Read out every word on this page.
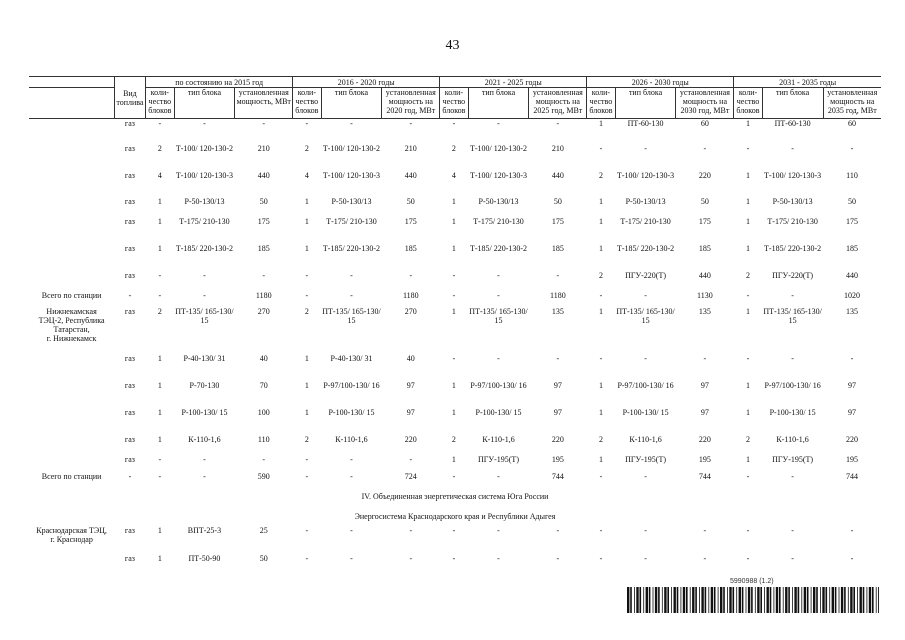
43
	Вид топлива	по состоянию на 2015 год			2016 - 2020 годы			2021 - 2025 годы			2026 - 2030 годы			2031 - 2035 годы		
		коли-чество блоков	тип блока	установленная мощность, МВт	коли-чество блоков	тип блока	установленная мощность на 2020 год, МВт	коли-чество блоков	тип блока	установленная мощность на 2025 год, МВт	коли-чество блоков	тип блока	установленная мощность на 2030 год, МВт	коли-чество блоков	тип блока	установленная мощность на 2035 год, МВт
	газ	-	-	-	-	-	-	-	-	-	1	ПТ-60-130	60	1	ПТ-60-130	60
	газ	2	Т-100/ 120-130-2	210	2	Т-100/ 120-130-2	210	2	Т-100/ 120-130-2	210	-	-	-	-	-	-
	газ	4	Т-100/ 120-130-3	440	4	Т-100/ 120-130-3	440	4	Т-100/ 120-130-3	440	2	Т-100/ 120-130-3	220	1	Т-100/ 120-130-3	110
	газ	1	Р-50-130/13	50	1	Р-50-130/13	50	1	Р-50-130/13	50	1	Р-50-130/13	50	1	Р-50-130/13	50
	газ	1	Т-175/ 210-130	175	1	Т-175/ 210-130	175	1	Т-175/ 210-130	175	1	Т-175/ 210-130	175	1	Т-175/ 210-130	175
	газ	1	Т-185/ 220-130-2	185	1	Т-185/ 220-130-2	185	1	Т-185/ 220-130-2	185	1	Т-185/ 220-130-2	185	1	Т-185/ 220-130-2	185
	газ	-	-	-	-	-	-	-	-	-	2	ПГУ-220(Т)	440	2	ПГУ-220(Т)	440

Всего по станции	-	-	-	1180	-	-	1180	-	-	1180	-	-	1130	-	-	1020

Нижнекамская
ТЭЦ-2, Республика
Татарстан,
г. Нижнекамск	газ	2	ПТ-135/ 165-130/ 15	270	2	ПТ-135/ 165-130/ 15	270	1	ПТ-135/ 165-130/ 15	135	1	ПТ-135/ 165-130/ 15	135	1	ПТ-135/ 165-130/ 15	135
	газ	1	Р-40-130/ 31	40	1	Р-40-130/ 31	40	-	-	-	-	-	-	-	-	-
	газ	1	Р-70-130	70	1	Р-97/100-130/ 16	97	1	Р-97/100-130/ 16	97	1	Р-97/100-130/ 16	97	1	Р-97/100-130/ 16	97
	газ	1	Р-100-130/ 15	100	1	Р-100-130/ 15	97	1	Р-100-130/ 15	97	1	Р-100-130/ 15	97	1	Р-100-130/ 15	97
	газ	1	К-110-1,6	110	2	К-110-1,6	220	2	К-110-1,6	220	2	К-110-1,6	220	2	К-110-1,6	220
	газ	-	-	-	-	-	-	1	ПГУ-195(Т)	195	1	ПГУ-195(Т)	195	1	ПГУ-195(Т)	195

Всего по станции	-	-	-	590	-	-	724	-	-	744	-	-	744	-	-	744
IV. Объединенная энергетическая система Юга России																
Энергосистема Краснодарского края и Республики Адыгея																

Краснодарская ТЭЦ,
г. Краснодар	газ	1	ВПТ-25-3	25	-	-	-	-	-	-	-	-	-	-	-	-
	газ	1	ПТ-50-90	50	-	-	-	-	-	-	-	-	-	-	-	-
5990988 (1.2)
